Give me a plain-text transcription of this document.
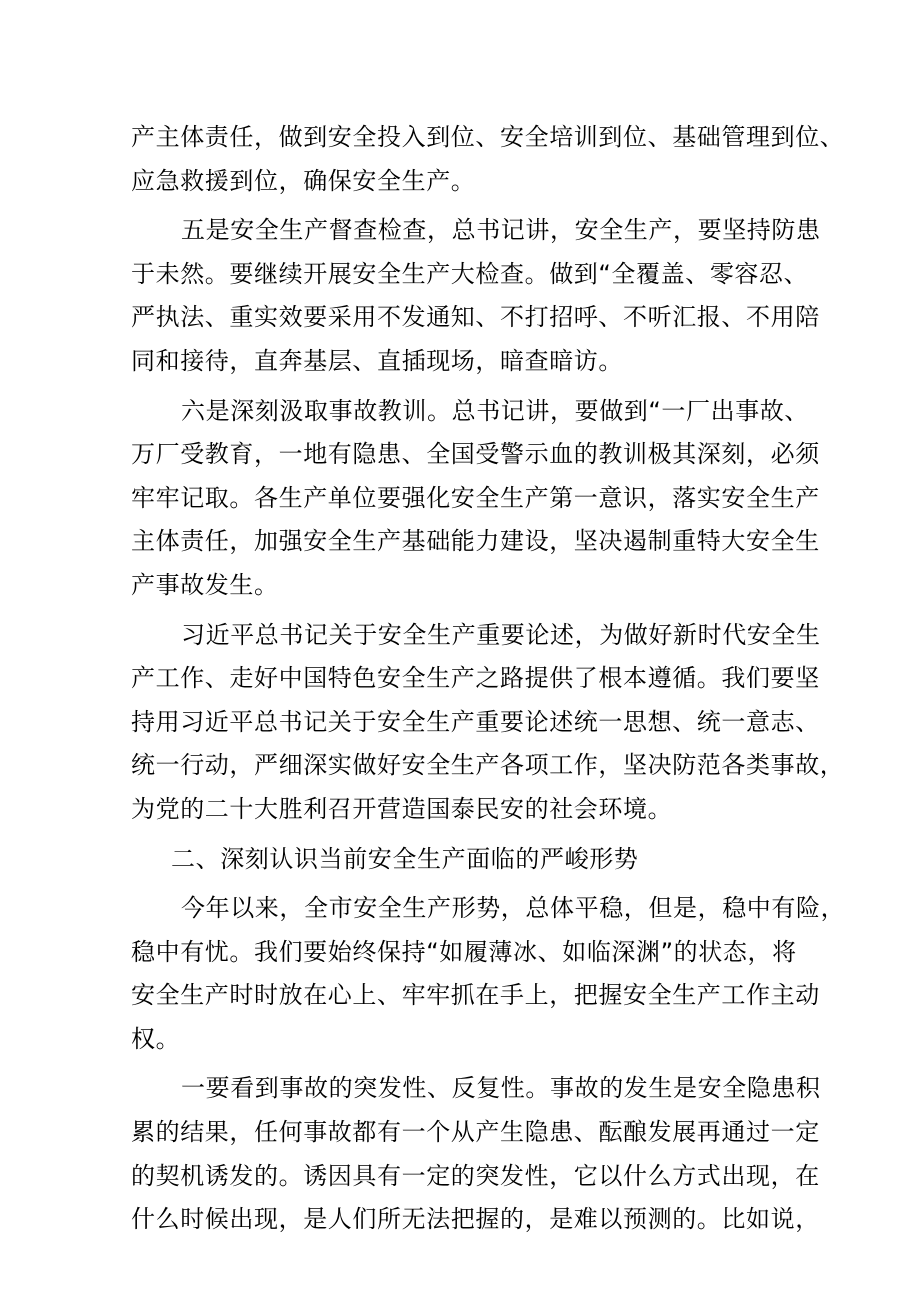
产主体责任，做到安全投入到位、安全培训到位、基础管理到位、
应急救援到位，确保安全生产。

五是安全生产督查检查，总书记讲，安全生产，要坚持防患
于未然。要继续开展安全生产大检查。做到“全覆盖、零容忍、
严执法、重实效要采用不发通知、不打招呼、不听汇报、不用陪
同和接待，直奔基层、直插现场，暗查暗访。

六是深刻汲取事故教训。总书记讲，要做到“一厂出事故、
万厂受教育，一地有隐患、全国受警示血的教训极其深刻，必须
牢牢记取。各生产单位要强化安全生产第一意识，落实安全生产
主体责任，加强安全生产基础能力建设，坚决遏制重特大安全生
产事故发生。

习近平总书记关于安全生产重要论述，为做好新时代安全生
产工作、走好中国特色安全生产之路提供了根本遵循。我们要坚
持用习近平总书记关于安全生产重要论述统一思想、统一意志、
统一行动，严细深实做好安全生产各项工作，坚决防范各类事故，
为党的二十大胜利召开营造国泰民安的社会环境。

二、深刻认识当前安全生产面临的严峻形势

今年以来，全市安全生产形势，总体平稳，但是，稳中有险，
稳中有忧。我们要始终保持“如履薄冰、如临深渊”的状态，将
安全生产时时放在心上、牢牢抓在手上，把握安全生产工作主动
权。

一要看到事故的突发性、反复性。事故的发生是安全隐患积
累的结果，任何事故都有一个从产生隐患、酝酿发展再通过一定
的契机诱发的。诱因具有一定的突发性，它以什么方式出现，在
什么时候出现，是人们所无法把握的，是难以预测的。比如说，
